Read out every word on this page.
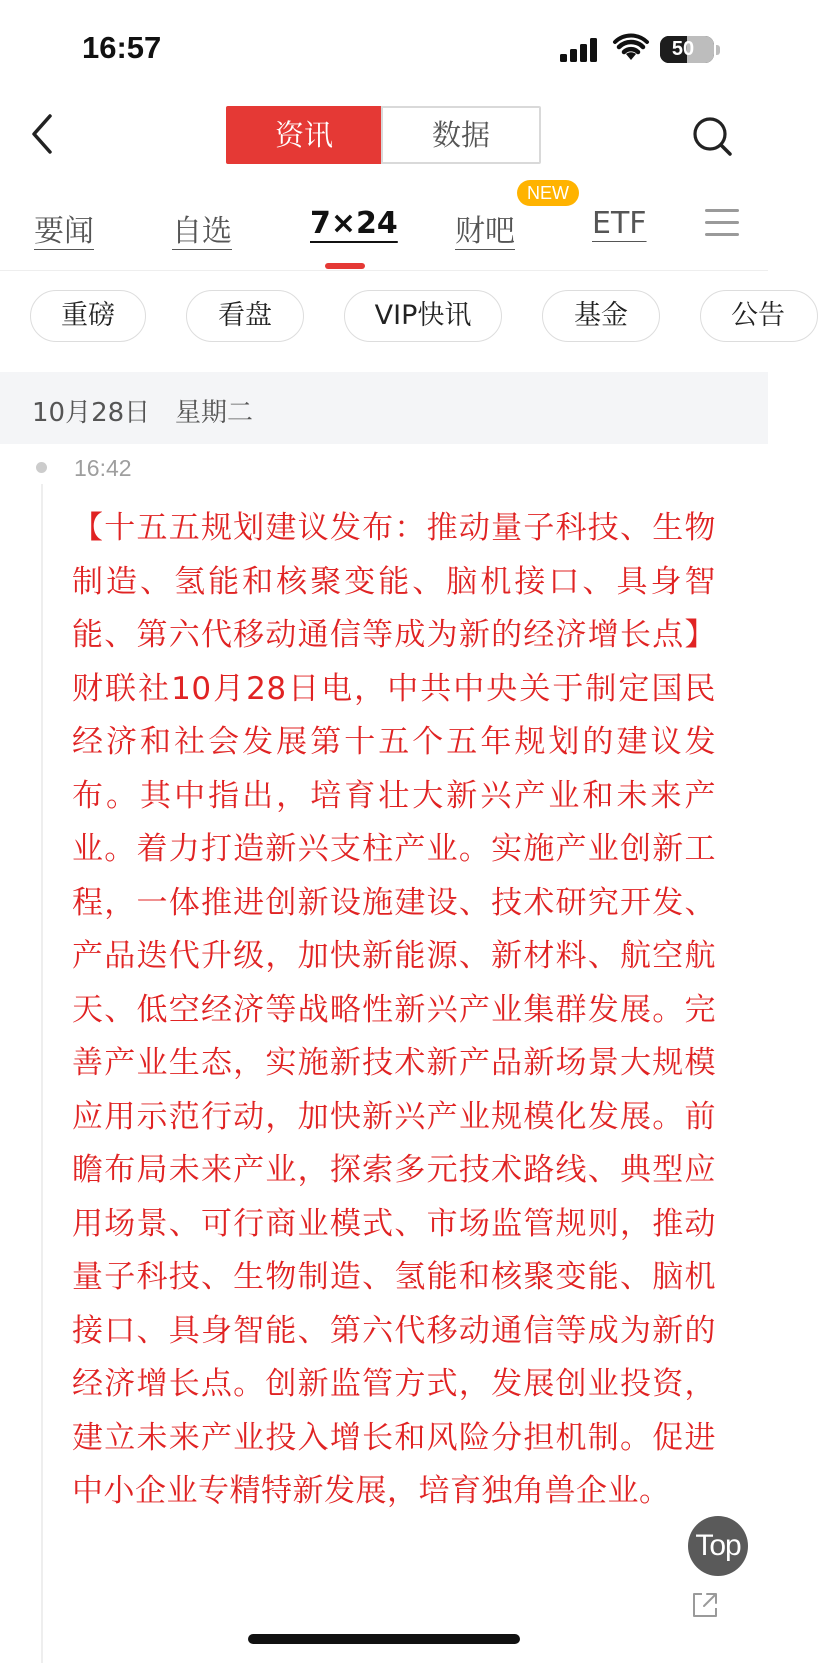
16:57	50
资讯	数据
要闻	自选	7×24 财吧	ETF
NEW
重磅	看盘	VIP快讯	基金	公告
10月28日 星期二
16:42
【十五五规划建议发布：推动量子科技、生物制造、氢能和核聚变能、脑机接口、具身智能、第六代移动通信等成为新的经济增长点】财联社10月28日电，中共中央关于制定国民经济和社会发展第十五个五年规划的建议发布。其中指出，培育壮大新兴产业和未来产业。着力打造新兴支柱产业。实施产业创新工程，一体推进创新设施建设、技术研究开发、产品迭代升级，加快新能源、新材料、航空航天、低空经济等战略性新兴产业集群发展。完善产业生态，实施新技术新产品新场景大规模应用示范行动，加快新兴产业规模化发展。前瞻布局未来产业，探索多元技术路线、典型应用场景、可行商业模式、市场监管规则，推动量子科技、生物制造、氢能和核聚变能、脑机接口、具身智能、第六代移动通信等成为新的经济增长点。创新监管方式，发展创业投资，建立未来产业投入增长和风险分担机制。促进中小企业专精特新发展，培育独角兽企业。
Top
